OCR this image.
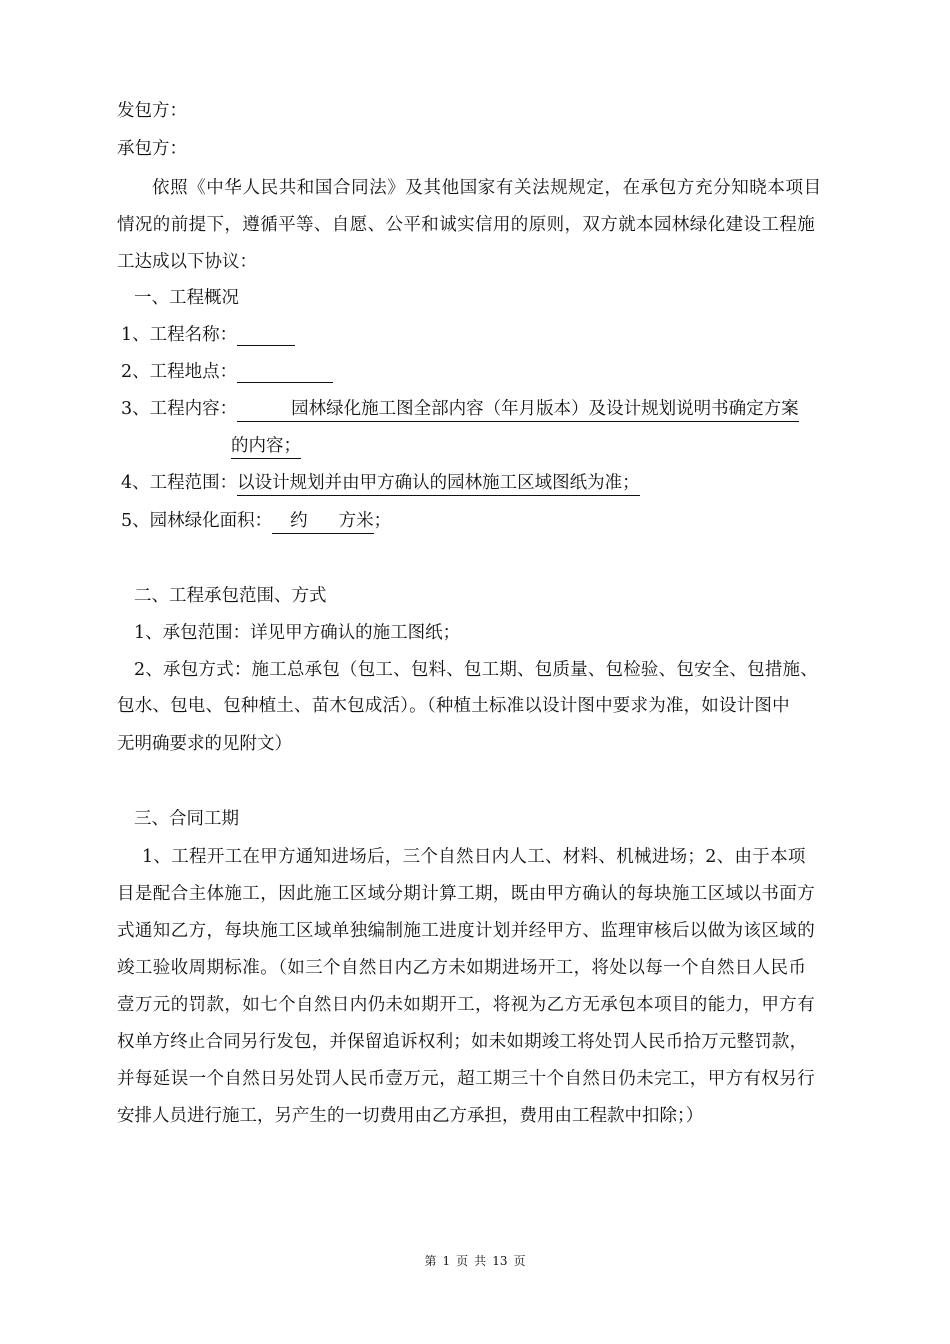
发包方：
承包方：
依照《中华人民共和国合同法》及其他国家有关法规规定，在承包方充分知晓本项目
情况的前提下，遵循平等、自愿、公平和诚实信用的原则，双方就本园林绿化建设工程施
工达成以下协议：
一、工程概况
1、工程名称：
2、工程地点：
3、工程内容：	园林绿化施工图全部内容（年月版本）及设计规划说明书确定方案
的内容；
4、工程范围：以设计规划并由甲方确认的园林施工区域图纸为准；
5、园林绿化面积： 约 方米；
二、工程承包范围、方式
1、承包范围：详见甲方确认的施工图纸；
2、承包方式：施工总承包（包工、包料、包工期、包质量、包检验、包安全、包措施、
包水、包电、包种植土、苗木包成活）。（种植土标准以设计图中要求为准，如设计图中
无明确要求的见附文）
三、合同工期
1、工程开工在甲方通知进场后，三个自然日内人工、材料、机械进场；2、由于本项
目是配合主体施工，因此施工区域分期计算工期，既由甲方确认的每块施工区域以书面方
式通知乙方，每块施工区域单独编制施工进度计划并经甲方、监理审核后以做为该区域的
竣工验收周期标准。（如三个自然日内乙方未如期进场开工，将处以每一个自然日人民币
壹万元的罚款，如七个自然日内仍未如期开工，将视为乙方无承包本项目的能力，甲方有
权单方终止合同另行发包，并保留追诉权利；如未如期竣工将处罚人民币拾万元整罚款，
并每延误一个自然日另处罚人民币壹万元，超工期三十个自然日仍未完工，甲方有权另行
安排人员进行施工，另产生的一切费用由乙方承担，费用由工程款中扣除；）
第 1 页 共 13 页
